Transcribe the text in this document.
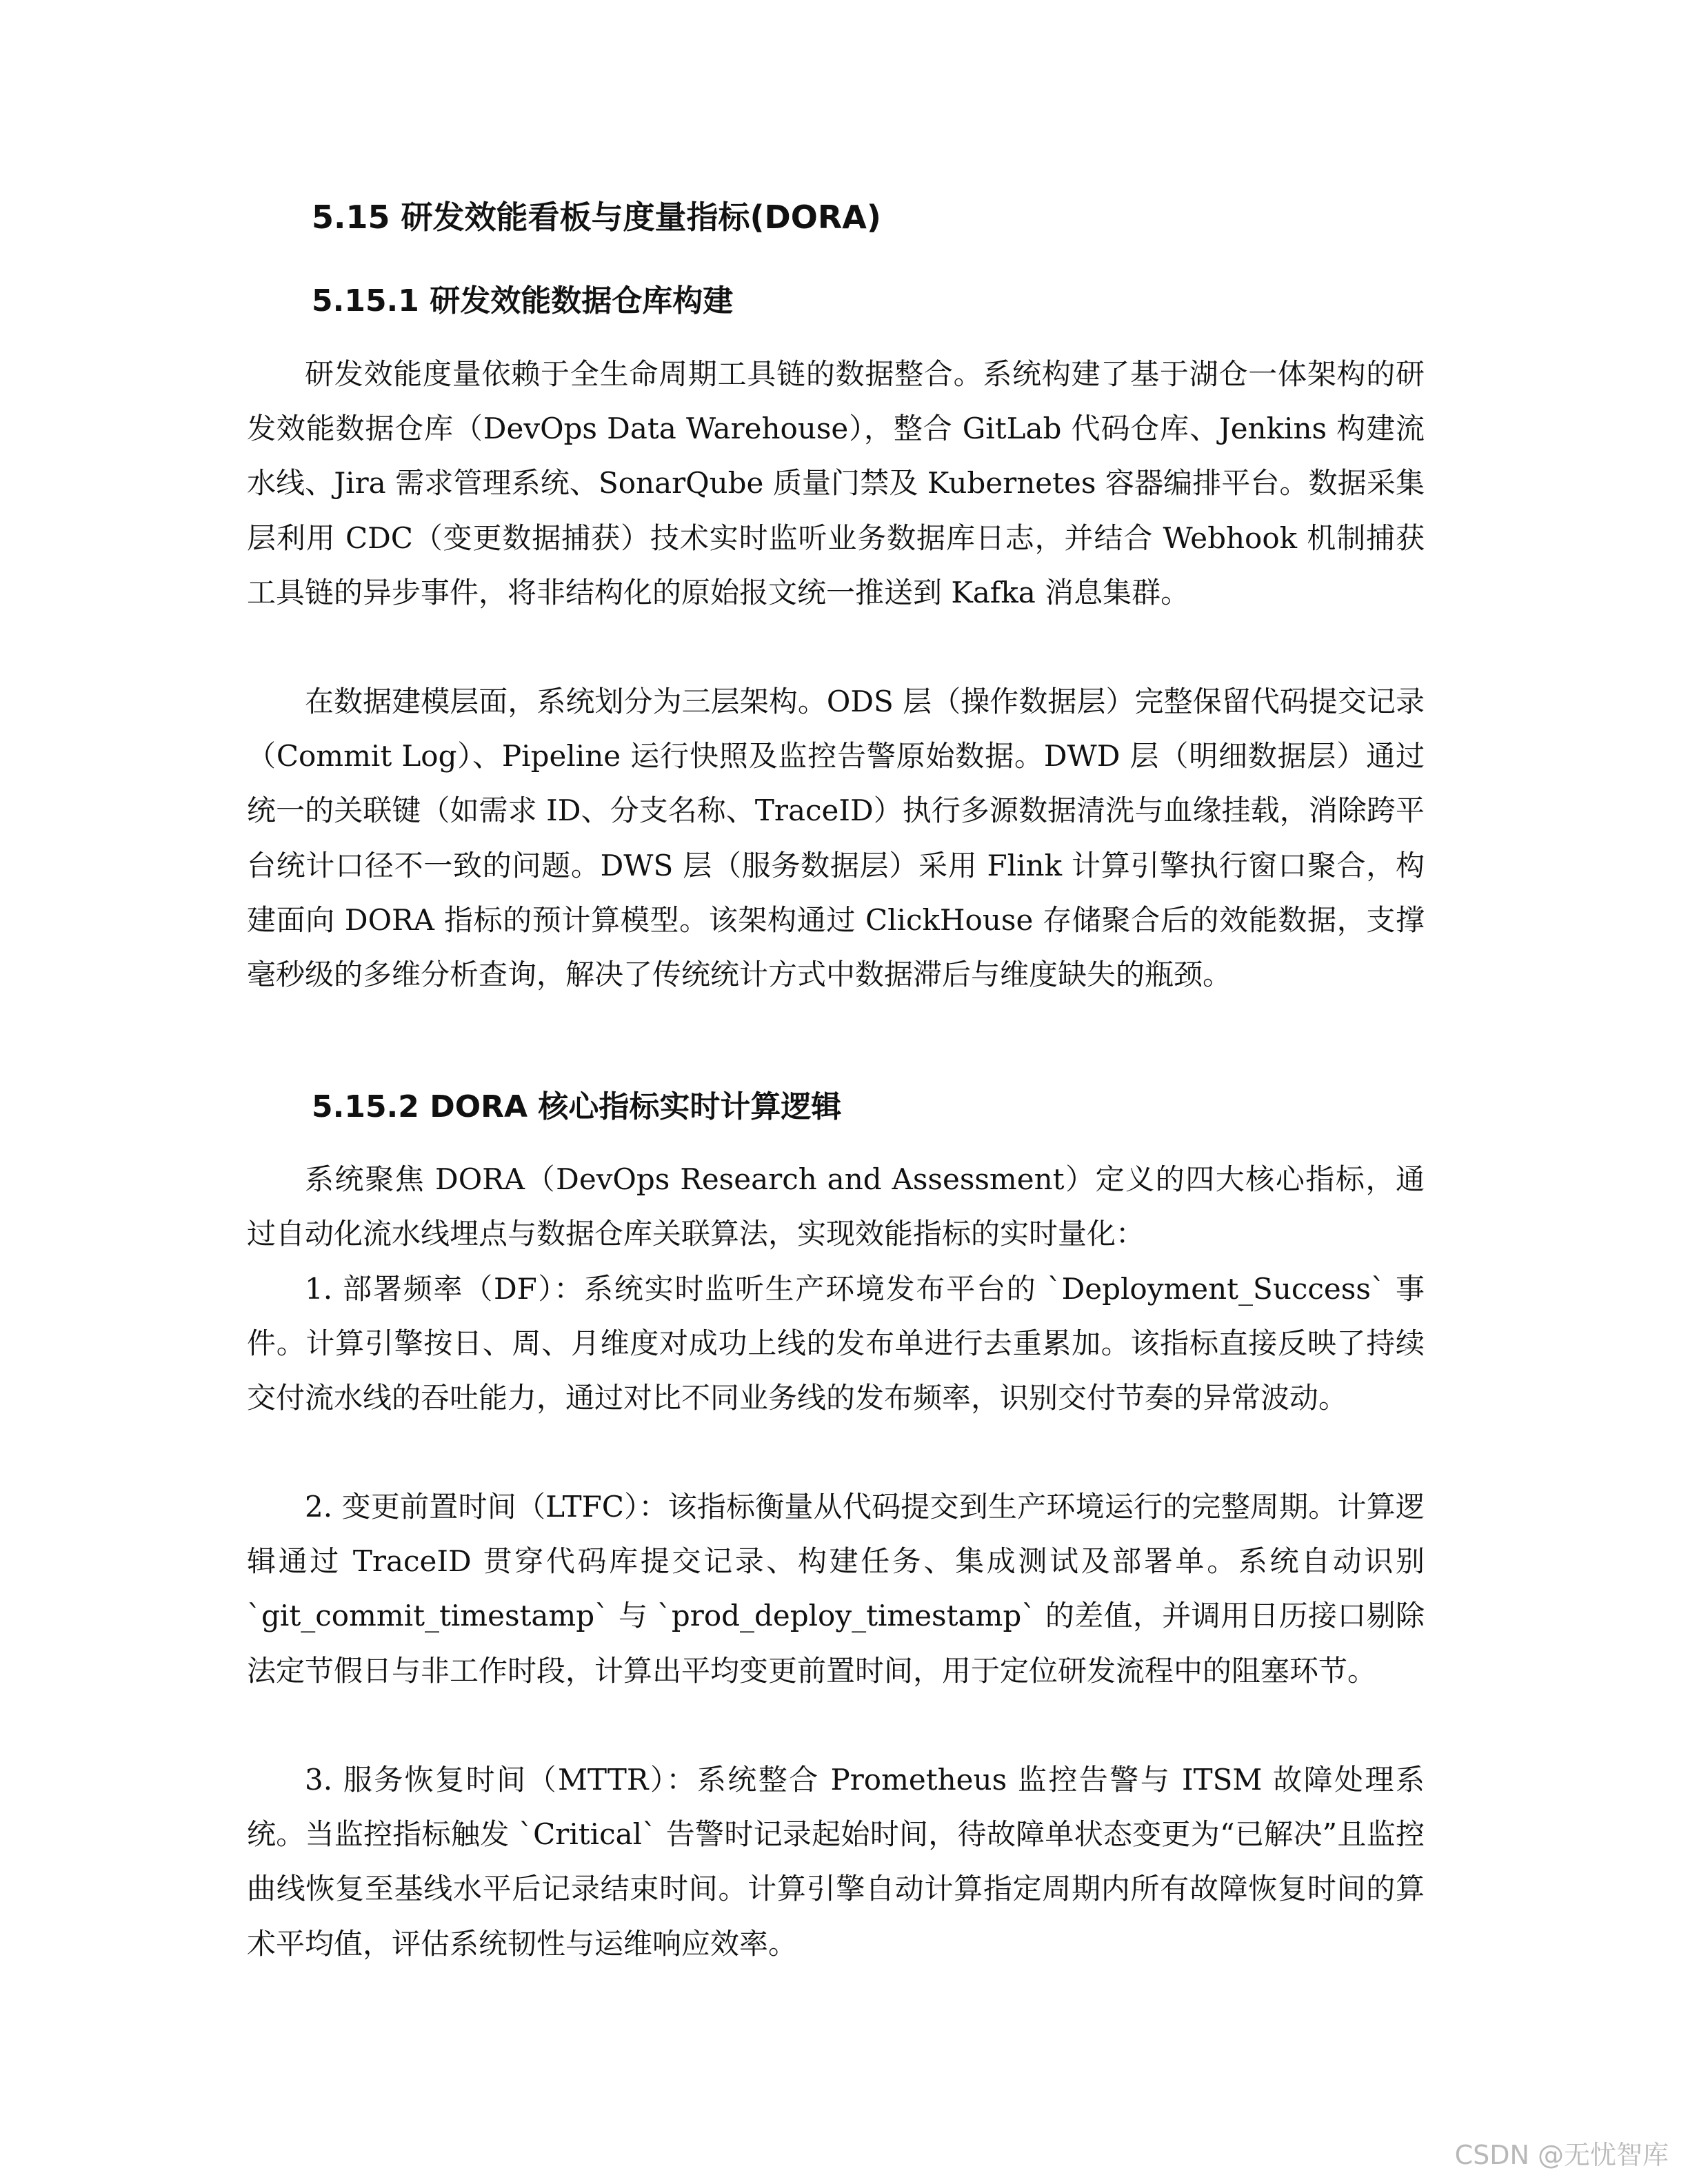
5.15 研发效能看板与度量指标(DORA)
5.15.1 研发效能数据仓库构建

研发效能度量依赖于全生命周期工具链的数据整合。系统构建了基于湖仓一体架构的研发效能数据仓库（DevOps Data Warehouse），整合 GitLab 代码仓库、Jenkins 构建流水线、Jira 需求管理系统、SonarQube 质量门禁及 Kubernetes 容器编排平台。数据采集层利用 CDC（变更数据捕获）技术实时监听业务数据库日志，并结合 Webhook 机制捕获工具链的异步事件，将非结构化的原始报文统一推送到 Kafka 消息集群。

在数据建模层面，系统划分为三层架构。ODS 层（操作数据层）完整保留代码提交记录（Commit Log）、Pipeline 运行快照及监控告警原始数据。DWD 层（明细数据层）通过统一的关联键（如需求 ID、分支名称、TraceID）执行多源数据清洗与血缘挂载，消除跨平台统计口径不一致的问题。DWS 层（服务数据层）采用 Flink 计算引擎执行窗口聚合，构建面向 DORA 指标的预计算模型。该架构通过 ClickHouse 存储聚合后的效能数据，支撑毫秒级的多维分析查询，解决了传统统计方式中数据滞后与维度缺失的瓶颈。

5.15.2 DORA 核心指标实时计算逻辑

系统聚焦 DORA（DevOps Research and Assessment）定义的四大核心指标，通过自动化流水线埋点与数据仓库关联算法，实现效能指标的实时量化：

1. 部署频率（DF）：系统实时监听生产环境发布平台的 `Deployment_Success` 事件。计算引擎按日、周、月维度对成功上线的发布单进行去重累加。该指标直接反映了持续交付流水线的吞吐能力，通过对比不同业务线的发布频率，识别交付节奏的异常波动。

2. 变更前置时间（LTFC）：该指标衡量从代码提交到生产环境运行的完整周期。计算逻辑通过 TraceID 贯穿代码库提交记录、构建任务、集成测试及部署单。系统自动识别 `git_commit_timestamp` 与 `prod_deploy_timestamp` 的差值，并调用日历接口剔除法定节假日与非工作时段，计算出平均变更前置时间，用于定位研发流程中的阻塞环节。

3. 服务恢复时间（MTTR）：系统整合 Prometheus 监控告警与 ITSM 故障处理系统。当监控指标触发 `Critical` 告警时记录起始时间，待故障单状态变更为“已解决”且监控曲线恢复至基线水平后记录结束时间。计算引擎自动计算指定周期内所有故障恢复时间的算术平均值，评估系统韧性与运维响应效率。

CSDN @无忧智库
